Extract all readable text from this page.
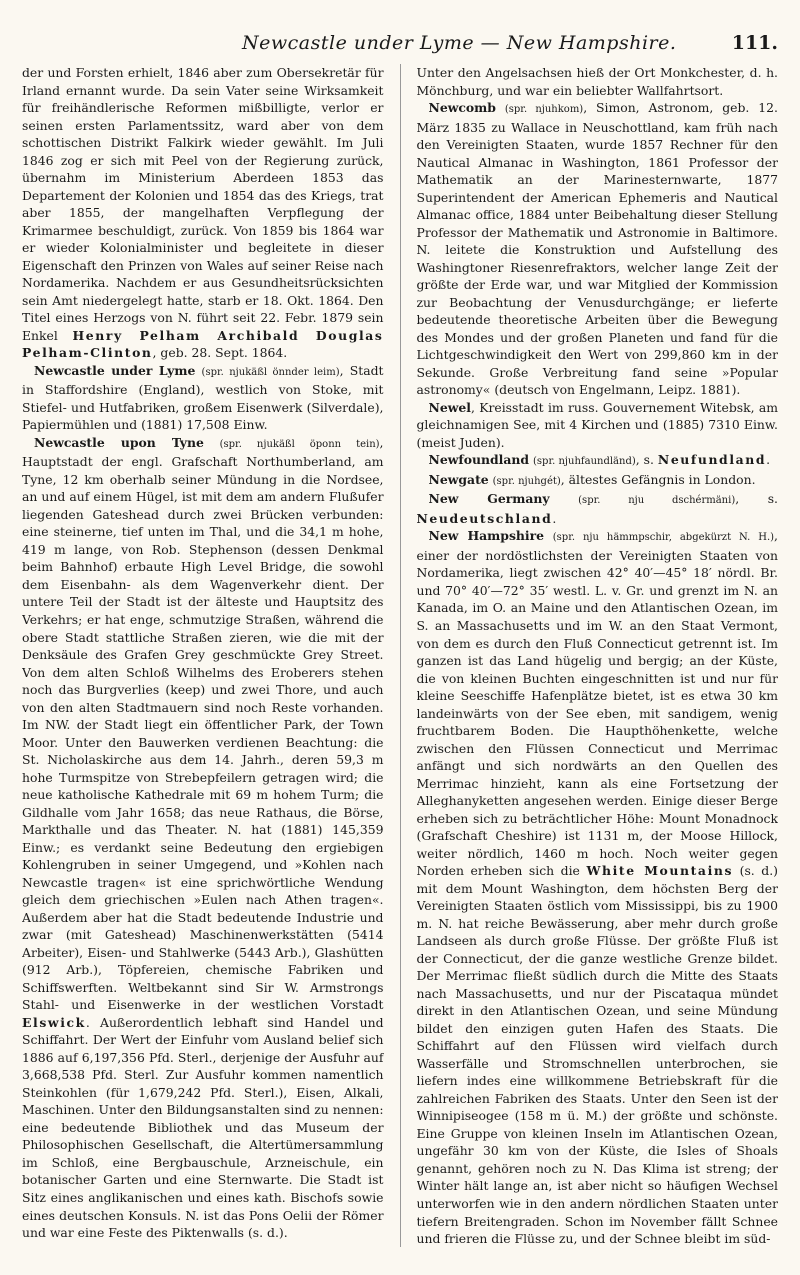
Newcastle under Lyme — New Hampshire.	111.

der und Forsten erhielt, 1846 aber zum Obersekretär für Irland ernannt wurde. Da sein Vater seine Wirksamkeit für freihändlerische Reformen mißbilligte, verlor er seinen ersten Parlamentssitz, ward aber von dem schottischen Distrikt Falkirk wieder gewählt. Im Juli 1846 zog er sich mit Peel von der Regierung zurück, übernahm im Ministerium Aberdeen 1853 das Departement der Kolonien und 1854 das des Kriegs, trat aber 1855, der mangelhaften Verpflegung der Krimarmee beschuldigt, zurück. Von 1859 bis 1864 war er wieder Kolonialminister und begleitete in dieser Eigenschaft den Prinzen von Wales auf seiner Reise nach Nordamerika. Nachdem er aus Gesundheitsrücksichten sein Amt niedergelegt hatte, starb er 18. Okt. 1864. Den Titel eines Herzogs von N. führt seit 22. Febr. 1879 sein Enkel Henry Pelham Archibald Douglas Pelham-Clinton, geb. 28. Sept. 1864.

Newcastle under Lyme (spr. njukäßl önnder leim), Stadt in Staffordshire (England), westlich von Stoke, mit Stiefel- und Hutfabriken, großem Eisenwerk (Silverdale), Papiermühlen und (1881) 17,508 Einw.

Newcastle upon Tyne (spr. njukäßl öponn tein), Hauptstadt der engl. Grafschaft Northumberland, am Tyne, 12 km oberhalb seiner Mündung in die Nordsee, an und auf einem Hügel, ist mit dem am andern Flußufer liegenden Gateshead durch zwei Brücken verbunden: eine steinerne, tief unten im Thal, und die 34,1 m hohe, 419 m lange, von Rob. Stephenson (dessen Denkmal beim Bahnhof) erbaute High Level Bridge, die sowohl dem Eisenbahn- als dem Wagenverkehr dient. Der untere Teil der Stadt ist der älteste und Hauptsitz des Verkehrs; er hat enge, schmutzige Straßen, während die obere Stadt stattliche Straßen zieren, wie die mit der Denksäule des Grafen Grey geschmückte Grey Street. Von dem alten Schloß Wilhelms des Eroberers stehen noch das Burgverlies (keep) und zwei Thore, und auch von den alten Stadtmauern sind noch Reste vorhanden. Im NW. der Stadt liegt ein öffentlicher Park, der Town Moor. Unter den Bauwerken verdienen Beachtung: die St. Nicholaskirche aus dem 14. Jahrh., deren 59,3 m hohe Turmspitze von Strebepfeilern getragen wird; die neue katholische Kathedrale mit 69 m hohem Turm; die Gildhalle vom Jahr 1658; das neue Rathaus, die Börse, Markthalle und das Theater. N. hat (1881) 145,359 Einw.; es verdankt seine Bedeutung den ergiebigen Kohlengruben in seiner Umgegend, und »Kohlen nach Newcastle tragen« ist eine sprichwörtliche Wendung gleich dem griechischen »Eulen nach Athen tragen«. Außerdem aber hat die Stadt bedeutende Industrie und zwar (mit Gateshead) Maschinenwerkstätten (5414 Arbeiter), Eisen- und Stahlwerke (5443 Arb.), Glashütten (912 Arb.), Töpfereien, chemische Fabriken und Schiffswerften. Weltbekannt sind Sir W. Armstrongs Stahl- und Eisenwerke in der westlichen Vorstadt Elswick. Außerordentlich lebhaft sind Handel und Schiffahrt. Der Wert der Einfuhr vom Ausland belief sich 1886 auf 6,197,356 Pfd. Sterl., derjenige der Ausfuhr auf 3,668,538 Pfd. Sterl. Zur Ausfuhr kommen namentlich Steinkohlen (für 1,679,242 Pfd. Sterl.), Eisen, Alkali, Maschinen. Unter den Bildungsanstalten sind zu nennen: eine bedeutende Bibliothek und das Museum der Philosophischen Gesellschaft, die Altertümersammlung im Schloß, eine Bergbauschule, Arzneischule, ein botanischer Garten und eine Sternwarte. Die Stadt ist Sitz eines anglikanischen und eines kath. Bischofs sowie eines deutschen Konsuls. N. ist das Pons Oelii der Römer und war eine Feste des Piktenwalls (s. d.).

Unter den Angelsachsen hieß der Ort Monkchester, d. h. Mönchburg, und war ein beliebter Wallfahrtsort.

Newcomb (spr. njuhkom), Simon, Astronom, geb. 12. März 1835 zu Wallace in Neuschottland, kam früh nach den Vereinigten Staaten, wurde 1857 Rechner für den Nautical Almanac in Washington, 1861 Professor der Mathematik an der Marinesternwarte, 1877 Superintendent der American Ephemeris and Nautical Almanac office, 1884 unter Beibehaltung dieser Stellung Professor der Mathematik und Astronomie in Baltimore. N. leitete die Konstruktion und Aufstellung des Washingtoner Riesenrefraktors, welcher lange Zeit der größte der Erde war, und war Mitglied der Kommission zur Beobachtung der Venusdurchgänge; er lieferte bedeutende theoretische Arbeiten über die Bewegung des Mondes und der großen Planeten und fand für die Lichtgeschwindigkeit den Wert von 299,860 km in der Sekunde. Große Verbreitung fand seine »Popular astronomy« (deutsch von Engelmann, Leipz. 1881).

Newel, Kreisstadt im russ. Gouvernement Witebsk, am gleichnamigen See, mit 4 Kirchen und (1885) 7310 Einw. (meist Juden).

Newfoundland (spr. njuhfaundländ), s. Neufundland.

Newgate (spr. njuhgét), ältestes Gefängnis in London.

New Germany	(spr. nju dschérmäni), s. Neudeutschland.

New Hampshire (spr. nju hämmpschir, abgekürzt N. H.), einer der nordöstlichsten der Vereinigten Staaten von Nordamerika, liegt zwischen 42° 40′—45° 18′ nördl. Br. und 70° 40′—72° 35′ westl. L. v. Gr. und grenzt im N. an Kanada, im O. an Maine und den Atlantischen Ozean, im S. an Massachusetts und im W. an den Staat Vermont, von dem es durch den Fluß Connecticut getrennt ist. Im ganzen ist das Land hügelig und bergig; an der Küste, die von kleinen Buchten eingeschnitten ist und nur für kleine Seeschiffe Hafenplätze bietet, ist es etwa 30 km landeinwärts von der See eben, mit sandigem, wenig fruchtbarem Boden. Die Haupthöhenkette, welche zwischen den Flüssen Connecticut und Merrimac anfängt und sich nordwärts an den Quellen des Merrimac hinzieht, kann als eine Fortsetzung der Alleghanyketten angesehen werden. Einige dieser Berge erheben sich zu beträchtlicher Höhe: Mount Monadnock (Grafschaft Cheshire) ist 1131 m, der Moose Hillock, weiter nördlich, 1460 m hoch. Noch weiter gegen Norden erheben sich die White Mountains (s. d.) mit dem Mount Washington, dem höchsten Berg der Vereinigten Staaten östlich vom Mississippi, bis zu 1900 m. N. hat reiche Bewässerung, aber mehr durch große Landseen als durch große Flüsse. Der größte Fluß ist der Connecticut, der die ganze westliche Grenze bildet. Der Merrimac fließt südlich durch die Mitte des Staats nach Massachusetts, und nur der Piscataqua mündet direkt in den Atlantischen Ozean, und seine Mündung bildet den einzigen guten Hafen des Staats. Die Schiffahrt auf den Flüssen wird vielfach durch Wasserfälle und Stromschnellen unterbrochen, sie liefern indes eine willkommene Betriebskraft für die zahlreichen Fabriken des Staats. Unter den Seen ist der Winnipiseogee (158 m ü. M.) der größte und schönste. Eine Gruppe von kleinen Inseln im Atlantischen Ozean, ungefähr 30 km von der Küste, die Isles of Shoals genannt, gehören noch zu N. Das Klima ist streng; der Winter hält lange an, ist aber nicht so häufigen Wechsel unterworfen wie in den andern nördlichen Staaten unter tiefern Breitengraden. Schon im November fällt Schnee und frieren die Flüsse zu, und der Schnee bleibt im süd-
